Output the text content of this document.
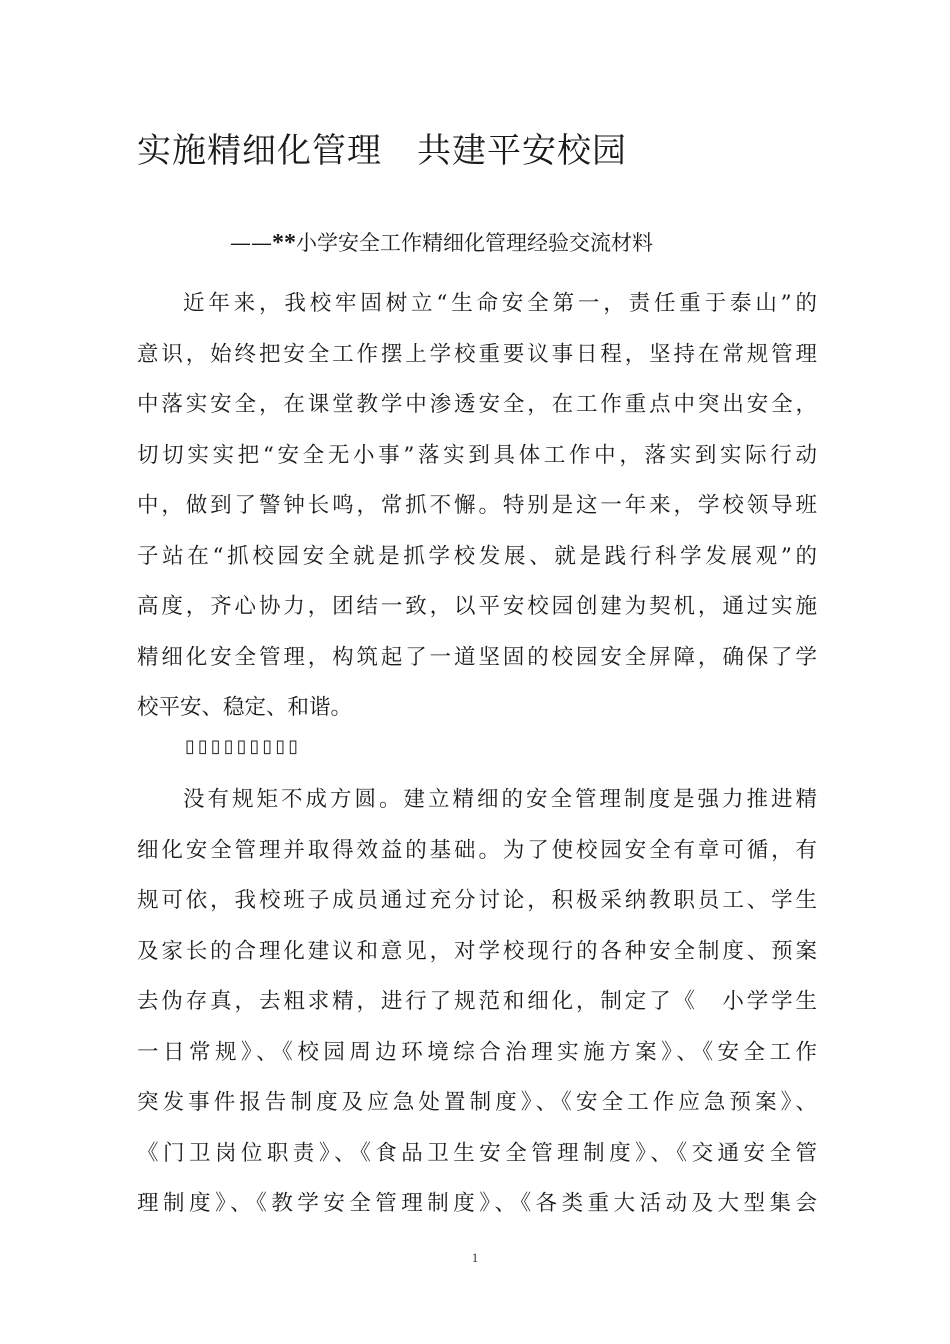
实施精细化管理　共建平安校园
——**小学安全工作精细化管理经验交流材料
近年来，我校牢固树立“生命安全第一，责任重于泰山”的
意识，始终把安全工作摆上学校重要议事日程，坚持在常规管理
中落实安全，在课堂教学中渗透安全，在工作重点中突出安全，
切切实实把“安全无小事”落实到具体工作中，落实到实际行动
中，做到了警钟长鸣，常抓不懈。特别是这一年来，学校领导班
子站在“抓校园安全就是抓学校发展、就是践行科学发展观”的
高度，齐心协力，团结一致，以平安校园创建为契机，通过实施
精细化安全管理，构筑起了一道坚固的校园安全屏障，确保了学
校平安、稳定、和谐。
▯▯▯▯▯▯▯▯▯
没有规矩不成方圆。建立精细的安全管理制度是强力推进精
细化安全管理并取得效益的基础。为了使校园安全有章可循，有
规可依，我校班子成员通过充分讨论，积极采纳教职员工、学生
及家长的合理化建议和意见，对学校现行的各种安全制度、预案
去伪存真，去粗求精，进行了规范和细化，制定了《　小学学生
一日常规》、《校园周边环境综合治理实施方案》、《安全工作
突发事件报告制度及应急处置制度》、《安全工作应急预案》、
《门卫岗位职责》、《食品卫生安全管理制度》、《交通安全管
理制度》、《教学安全管理制度》、《各类重大活动及大型集会
1
